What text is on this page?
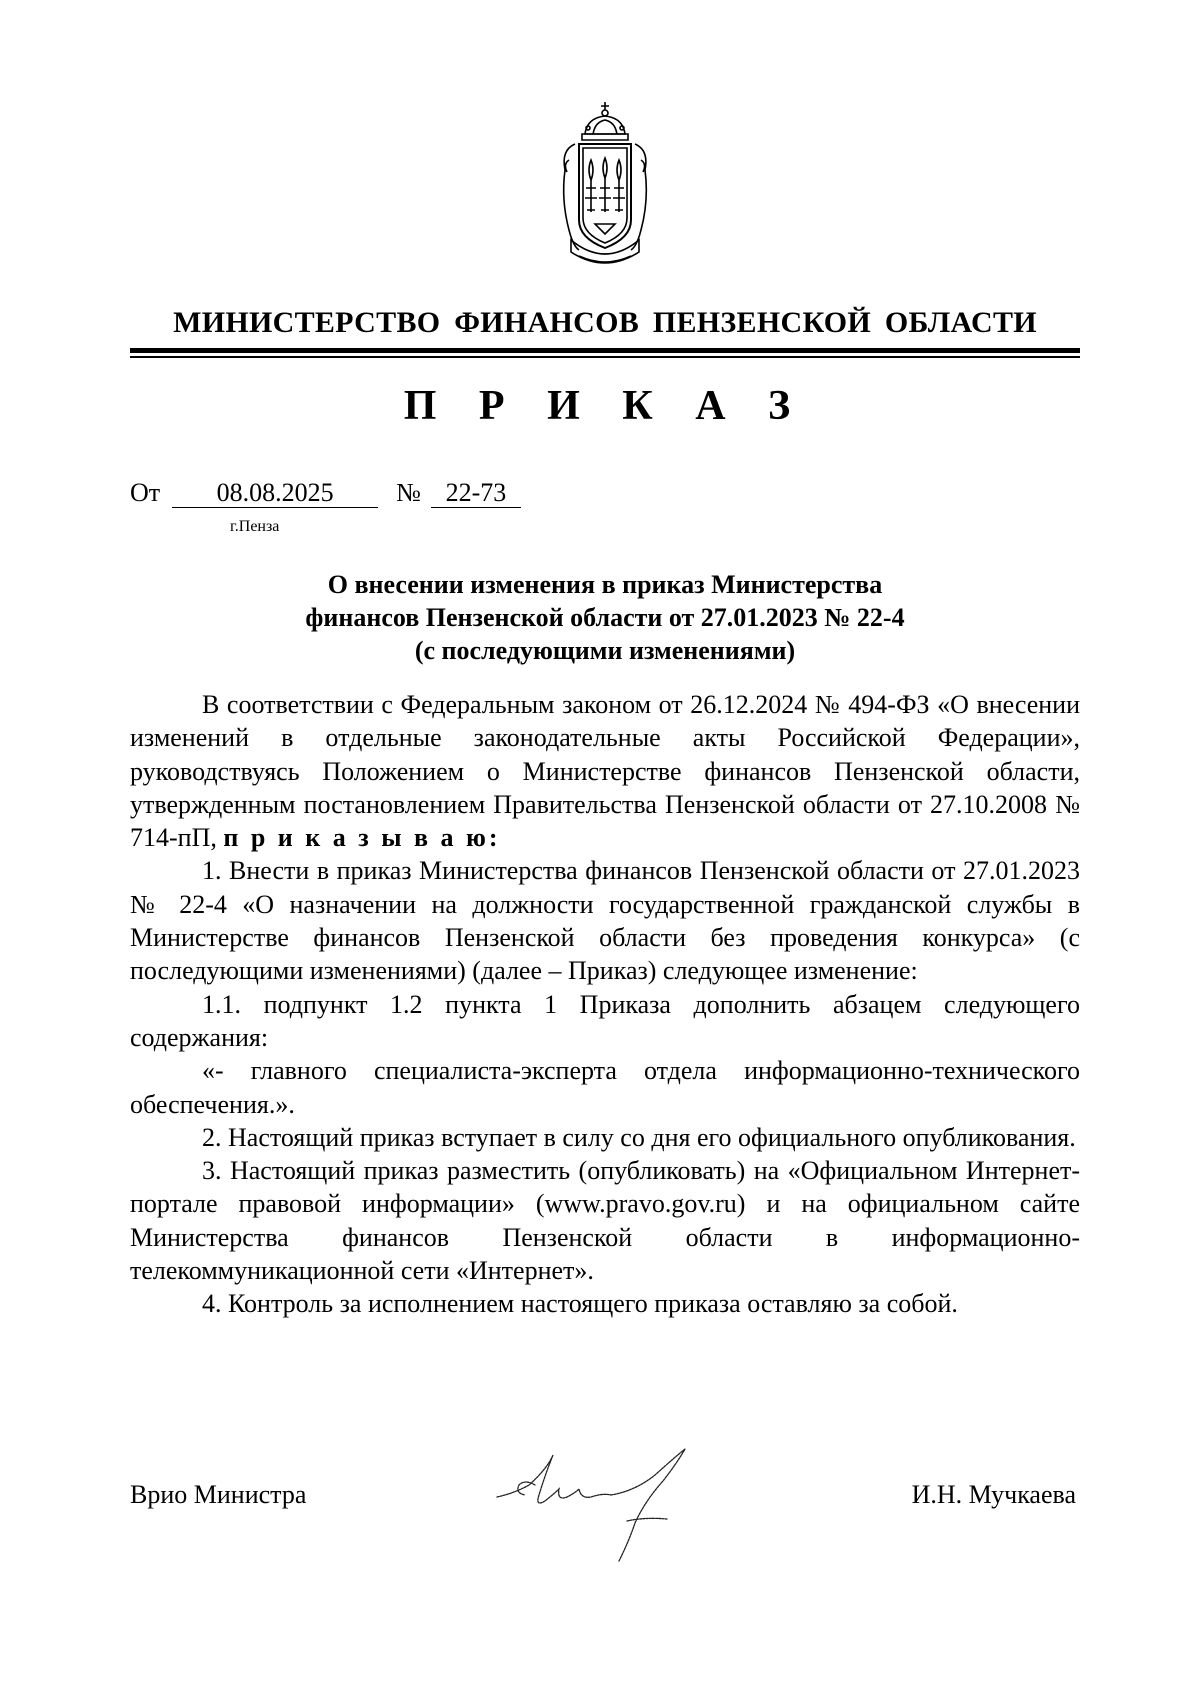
МИНИСТЕРСТВО ФИНАНСОВ ПЕНЗЕНСКОЙ ОБЛАСТИ
П Р И К А З
От 08.08.2025 № 22-73
г.Пенза
О внесении изменения в приказ Министерства
финансов Пензенской области от 27.01.2023 № 22-4
(с последующими изменениями)

В соответствии с Федеральным законом от 26.12.2024 № 494-ФЗ «О внесении изменений в отдельные законодательные акты Российской Федерации», руководствуясь Положением о Министерстве финансов Пензенской области, утвержденным постановлением Правительства Пензенской области от 27.10.2008 № 714-пП, п р и к а з ы в а ю:

1. Внести в приказ Министерства финансов Пензенской области от 27.01.2023 № 22-4 «О назначении на должности государственной гражданской службы в Министерстве финансов Пензенской области без проведения конкурса» (с последующими изменениями) (далее – Приказ) следующее изменение:

1.1. подпункт 1.2 пункта 1 Приказа дополнить абзацем следующего содержания:

«- главного специалиста-эксперта отдела информационно-технического обеспечения.».

2. Настоящий приказ вступает в силу со дня его официального опубликования.

3. Настоящий приказ разместить (опубликовать) на «Официальном Интернет-портале правовой информации» (www.pravo.gov.ru) и на официальном сайте Министерства финансов Пензенской области в информационно-телекоммуникационной сети «Интернет».

4. Контроль за исполнением настоящего приказа оставляю за собой.

Врио Министра	И.Н. Мучкаева
